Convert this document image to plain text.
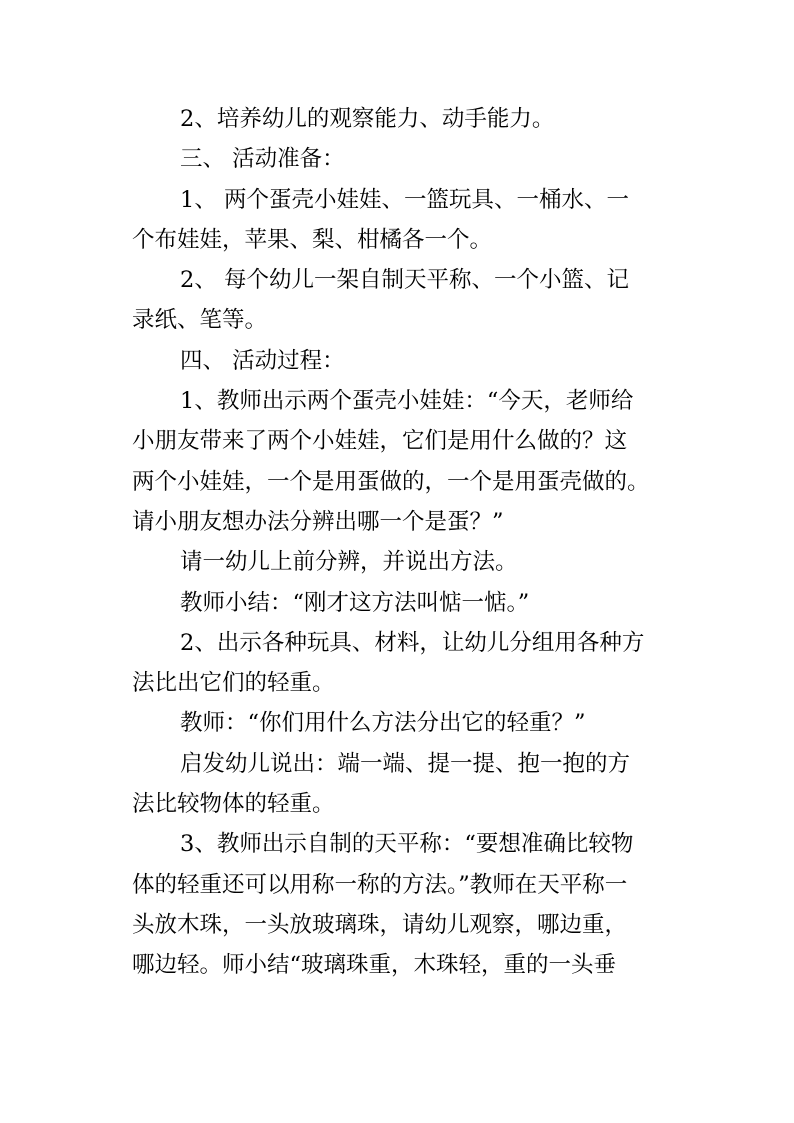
2、培养幼儿的观察能力、动手能力。
三、 活动准备：
1、 两个蛋壳小娃娃、一篮玩具、一桶水、一
个布娃娃，苹果、梨、柑橘各一个。
2、 每个幼儿一架自制天平称、一个小篮、记
录纸、笔等。
四、 活动过程：
1、教师出示两个蛋壳小娃娃：“今天，老师给
小朋友带来了两个小娃娃，它们是用什么做的？这
两个小娃娃，一个是用蛋做的，一个是用蛋壳做的。
请小朋友想办法分辨出哪一个是蛋？”
请一幼儿上前分辨，并说出方法。
教师小结：“刚才这方法叫惦一惦。”
2、出示各种玩具、材料，让幼儿分组用各种方
法比出它们的轻重。
教师：“你们用什么方法分出它的轻重？”
启发幼儿说出：端一端、提一提、抱一抱的方
法比较物体的轻重。
3、教师出示自制的天平称：“要想准确比较物
体的轻重还可以用称一称的方法。”教师在天平称一
头放木珠，一头放玻璃珠，请幼儿观察，哪边重，
哪边轻。师小结“玻璃珠重，木珠轻，重的一头垂
